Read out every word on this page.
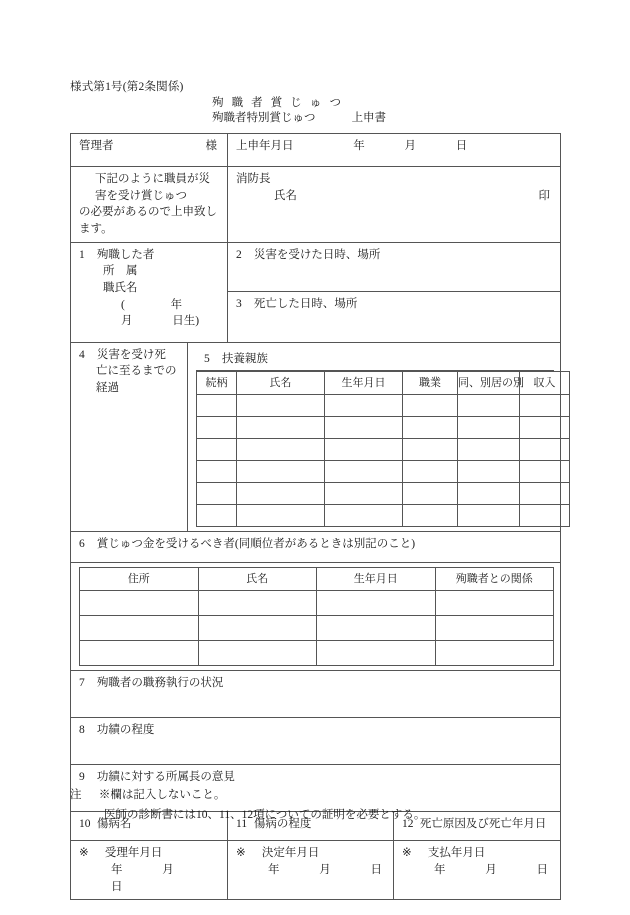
様式第1号(第2条関係)
殉 職 者 賞 じ ゅ つ
殉職者特別賞じゅつ	上申書
管理者	様	上申年月日	年	月	日

下記のように職員が災害を受け賞じゅつ
の必要があるので上申致します。

消防長
氏名	印

1 殉職した者
所　属
職氏名
(	年  月	日生)
	2 災害を受けた日時、場所
3 死亡した日時、場所
4 災害を受け死
亡に至るまでの
経過

5 扶養親族
続柄	氏名	生年月日	職業	同、別居の別	収入

6 賞じゅつ金を受けるべき者(同順位者があるときは別記のこと)

住所	氏名	生年月日	殉職者との関係

7 殉職者の職務執行の状況
8 功績の程度
9 功績に対する所属長の意見
10 傷病名	11 傷病の程度	12 死亡原因及び死亡年月日

※ 受理年月日
年	月  日

※ 決定年月日
年	月	日

※ 支払年月日
年	月	日
注 ※欄は記入しないこと。
医師の診断書には10、11、12項についての証明を必要とする。
